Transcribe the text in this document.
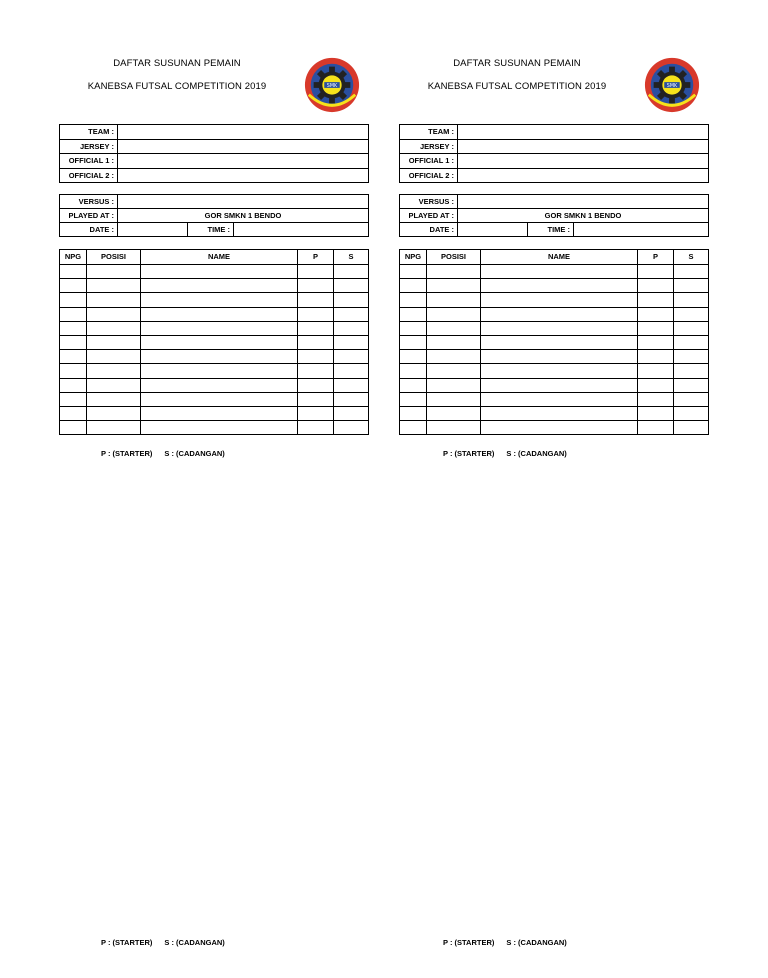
DAFTAR SUSUNAN PEMAIN
KANEBSA FUTSAL COMPETITION 2019	SMK
TEAM :	
JERSEY :	
OFFICIAL 1 :	
OFFICIAL 2 :	
VERSUS :			
PLAYED AT :	GOR SMKN 1 BENDO		
DATE :		TIME :	
NPG	POSISI	NAME	P	S

P : (STARTER) S : (CADANGAN)
DAFTAR SUSUNAN PEMAIN
KANEBSA FUTSAL COMPETITION 2019	SMK
TEAM :	
JERSEY :	
OFFICIAL 1 :	
OFFICIAL 2 :	
VERSUS :			
PLAYED AT :	GOR SMKN 1 BENDO		
DATE :		TIME :	
NPG	POSISI	NAME	P	S

P : (STARTER) S : (CADANGAN)
P : (STARTER) S : (CADANGAN)	P : (STARTER) S : (CADANGAN)
